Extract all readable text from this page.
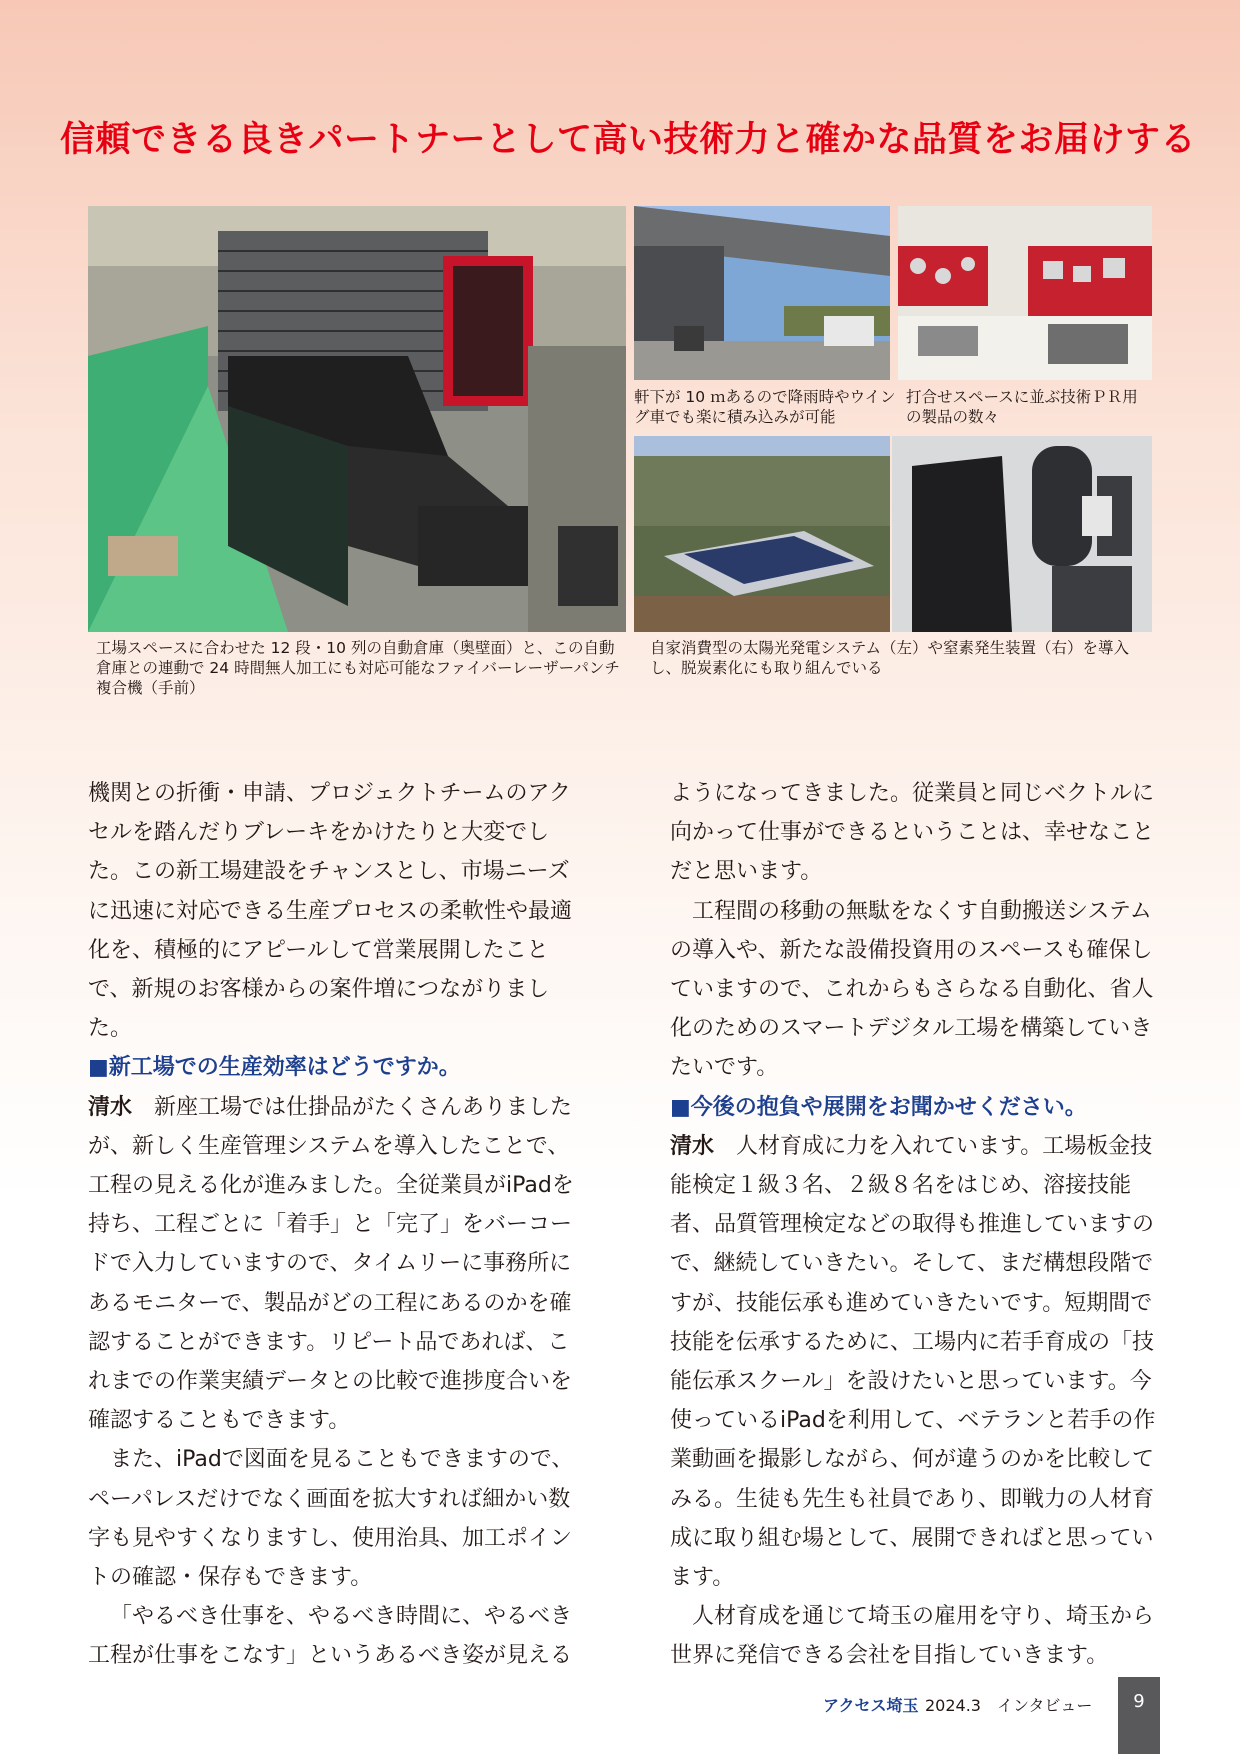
信頼できる良きパートナーとして高い技術力と確かな品質をお届けする
軒下が 10 ｍあるので降雨時やウイング車でも楽に積み込みが可能
打合せスペースに並ぶ技術ＰＲ用の製品の数々
工場スペースに合わせた 12 段・10 列の自動倉庫（奥壁面）と、この自動倉庫との連動で 24 時間無人加工にも対応可能なファイバーレーザーパンチ複合機（手前）
自家消費型の太陽光発電システム（左）や窒素発生装置（右）を導入し、脱炭素化にも取り組んでいる

機関との折衝・申請、プロジェクトチームのアクセルを踏んだりブレーキをかけたりと大変でした。この新工場建設をチャンスとし、市場ニーズに迅速に対応できる生産プロセスの柔軟性や最適化を、積極的にアピールして営業展開したことで、新規のお客様からの案件増につながりました。

■新工場での生産効率はどうですか。

清水　 新座工場では仕掛品がたくさんありましたが、新しく生産管理システムを導入したことで、工程の見える化が進みました。全従業員がiPadを持ち、工程ごとに「着手」と「完了」をバーコードで入力していますので、タイムリーに事務所にあるモニターで、製品がどの工程にあるのかを確認することができます。リピート品であれば、これまでの作業実績データとの比較で進捗度合いを確認することもできます。

また、iPadで図面を見ることもできますので、ペーパレスだけでなく画面を拡大すれば細かい数字も見やすくなりますし、使用治具、加工ポイントの確認・保存もできます。

「やるべき仕事を、やるべき時間に、やるべき工程が仕事をこなす」というあるべき姿が見える

ようになってきました。従業員と同じベクトルに向かって仕事ができるということは、幸せなことだと思います。

工程間の移動の無駄をなくす自動搬送システムの導入や、新たな設備投資用のスペースも確保していますので、これからもさらなる自動化、省人化のためのスマートデジタル工場を構築していきたいです。

■今後の抱負や展開をお聞かせください。

清水　 人材育成に力を入れています。工場板金技能検定１級３名、２級８名をはじめ、溶接技能者、品質管理検定などの取得も推進していますので、継続していきたい。そして、まだ構想段階ですが、技能伝承も進めていきたいです。短期間で技能を伝承するために、工場内に若手育成の「技能伝承スクール」を設けたいと思っています。今使っているiPadを利用して、ベテランと若手の作業動画を撮影しながら、何が違うのかを比較してみる。生徒も先生も社員であり、即戦力の人材育成に取り組む場として、展開できればと思っています。

人材育成を通じて埼玉の雇用を守り、埼玉から世界に発信できる会社を目指していきます。

アクセス埼玉 2024.3　インタビュー	9
